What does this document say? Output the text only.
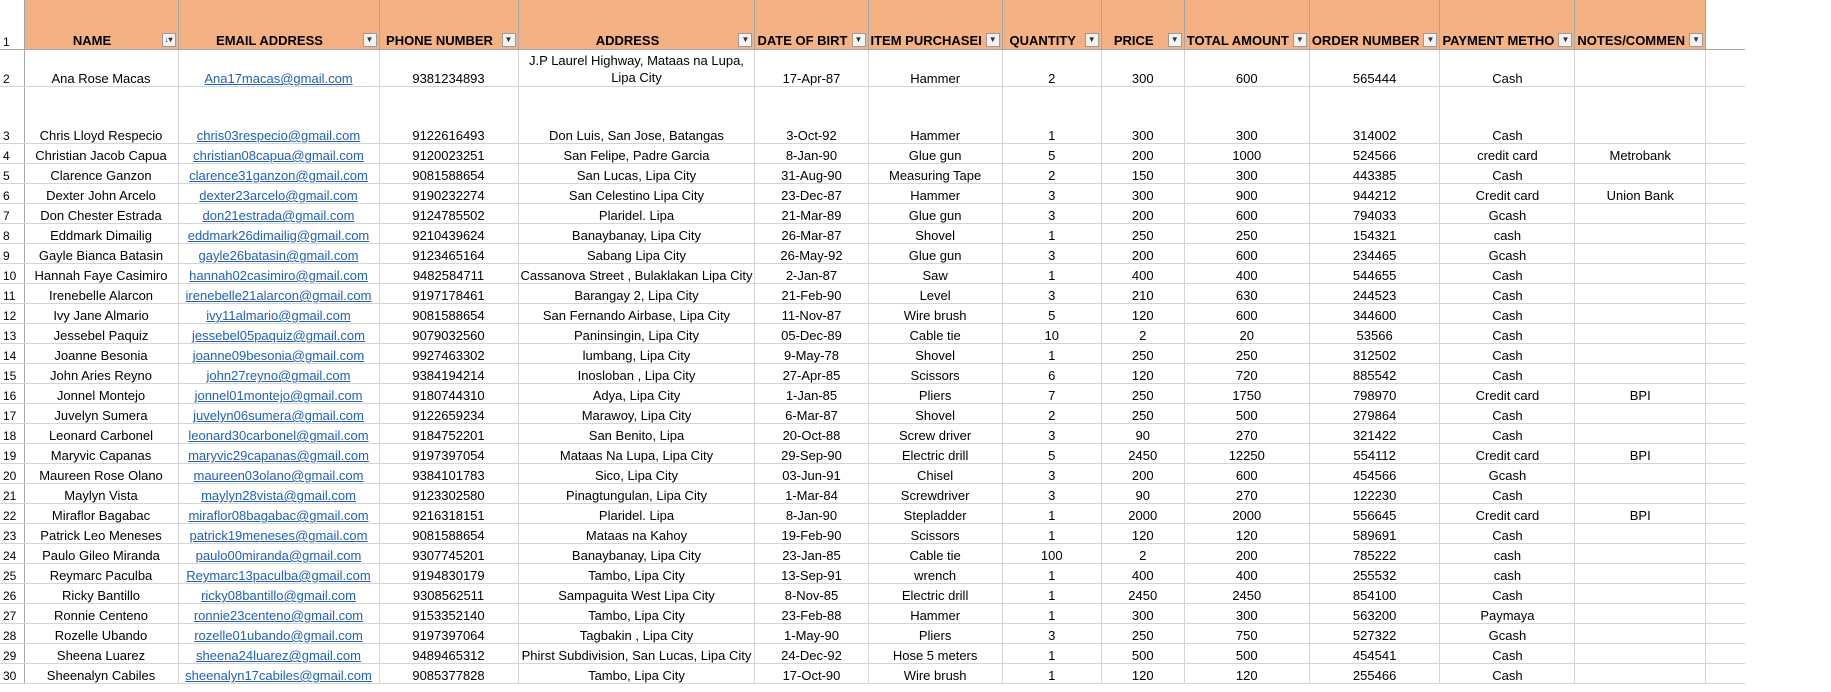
1	NAME ↓▾	EMAIL ADDRESS ▼	PHONE NUMBER ▼	ADDRESS ▼	DATE OF BIRT ▼	ITEM PURCHASEI ▼	QUANTITY ▼	PRICE ▼	TOTAL AMOUNT ▼	ORDER NUMBER ▼	PAYMENT METHO ▼	NOTES/COMMEN ▼	

2	Ana Rose Macas	Ana17macas@gmail.com	9381234893	J.P Laurel Highway, Mataas na Lupa, Lipa City	17-Apr-87	Hammer	2	300	600	565444	Cash		
3	Chris Lloyd Respecio	chris03respecio@gmail.com	9122616493	Don Luis, San Jose, Batangas	3-Oct-92	Hammer	1	300	300	314002	Cash		
4	Christian Jacob Capua	christian08capua@gmail.com	9120023251	San Felipe, Padre Garcia	8-Jan-90	Glue gun	5	200	1000	524566	credit card	Metrobank	
5	Clarence Ganzon	clarence31ganzon@gmail.com	9081588654	San Lucas, Lipa City	31-Aug-90	Measuring Tape	2	150	300	443385	Cash		
6	Dexter John Arcelo	dexter23arcelo@gmail.com	9190232274	San Celestino Lipa City	23-Dec-87	Hammer	3	300	900	944212	Credit card	Union Bank	
7	Don Chester Estrada	don21estrada@gmail.com	9124785502	Plaridel. Lipa	21-Mar-89	Glue gun	3	200	600	794033	Gcash		
8	Eddmark Dimailig	eddmark26dimailig@gmail.com	9210439624	Banaybanay, Lipa City	26-Mar-87	Shovel	1	250	250	154321	cash		
9	Gayle Bianca Batasin	gayle26batasin@gmail.com	9123465164	Sabang Lipa City	26-May-92	Glue gun	3	200	600	234465	Gcash		
10	Hannah Faye Casimiro	hannah02casimiro@gmail.com	9482584711	Cassanova Street , Bulaklakan Lipa City	2-Jan-87	Saw	1	400	400	544655	Cash		
11	Irenebelle Alarcon	irenebelle21alarcon@gmail.com	9197178461	Barangay 2, Lipa City	21-Feb-90	Level	3	210	630	244523	Cash		
12	Ivy Jane Almario	ivy11almario@gmail.com	9081588654	San Fernando Airbase, Lipa City	11-Nov-87	Wire brush	5	120	600	344600	Cash		
13	Jessebel Paquiz	jessebel05paquiz@gmail.com	9079032560	Paninsingin, Lipa City	05-Dec-89	Cable tie	10	2	20	53566	Cash		
14	Joanne Besonia	joanne09besonia@gmail.com	9927463302	lumbang, Lipa City	9-May-78	Shovel	1	250	250	312502	Cash		
15	John Aries Reyno	john27reyno@gmail.com	9384194214	Inosloban , Lipa City	27-Apr-85	Scissors	6	120	720	885542	Cash		
16	Jonnel Montejo	jonnel01montejo@gmail.com	9180744310	Adya, Lipa City	1-Jan-85	Pliers	7	250	1750	798970	Credit card	BPI	
17	Juvelyn Sumera	juvelyn06sumera@gmail.com	9122659234	Marawoy, Lipa City	6-Mar-87	Shovel	2	250	500	279864	Cash		
18	Leonard Carbonel	leonard30carbonel@gmail.com	9184752201	San Benito, Lipa	20-Oct-88	Screw driver	3	90	270	321422	Cash		
19	Maryvic Capanas	maryvic29capanas@gmail.com	9197397054	Mataas Na Lupa, Lipa City	29-Sep-90	Electric drill	5	2450	12250	554112	Credit card	BPI	
20	Maureen Rose Olano	maureen03olano@gmail.com	9384101783	Sico, Lipa City	03-Jun-91	Chisel	3	200	600	454566	Gcash		
21	Maylyn Vista	maylyn28vista@gmail.com	9123302580	Pinagtungulan, Lipa City	1-Mar-84	Screwdriver	3	90	270	122230	Cash		
22	Miraflor Bagabac	miraflor08bagabac@gmail.com	9216318151	Plaridel. Lipa	8-Jan-90	Stepladder	1	2000	2000	556645	Credit card	BPI	
23	Patrick Leo Meneses	patrick19meneses@gmail.com	9081588654	Mataas na Kahoy	19-Feb-90	Scissors	1	120	120	589691	Cash		
24	Paulo Gileo Miranda	paulo00miranda@gmail.com	9307745201	Banaybanay, Lipa City	23-Jan-85	Cable tie	100	2	200	785222	cash		
25	Reymarc Paculba	Reymarc13paculba@gmail.com	9194830179	Tambo, Lipa City	13-Sep-91	wrench	1	400	400	255532	cash		
26	Ricky Bantillo	ricky08bantillo@gmail.com	9308562511	Sampaguita West Lipa City	8-Nov-85	Electric drill	1	2450	2450	854100	Cash		
27	Ronnie Centeno	ronnie23centeno@gmail.com	9153352140	Tambo, Lipa City	23-Feb-88	Hammer	1	300	300	563200	Paymaya		
28	Rozelle Ubando	rozelle01ubando@gmail.com	9197397064	Tagbakin , Lipa City	1-May-90	Pliers	3	250	750	527322	Gcash		
29	Sheena Luarez	sheena24luarez@gmail.com	9489465312	Phirst Subdivision, San Lucas, Lipa City	24-Dec-92	Hose 5 meters	1	500	500	454541	Cash		
30	Sheenalyn Cabiles	sheenalyn17cabiles@gmail.com	9085377828	Tambo, Lipa City	17-Oct-90	Wire brush	1	120	120	255466	Cash		
